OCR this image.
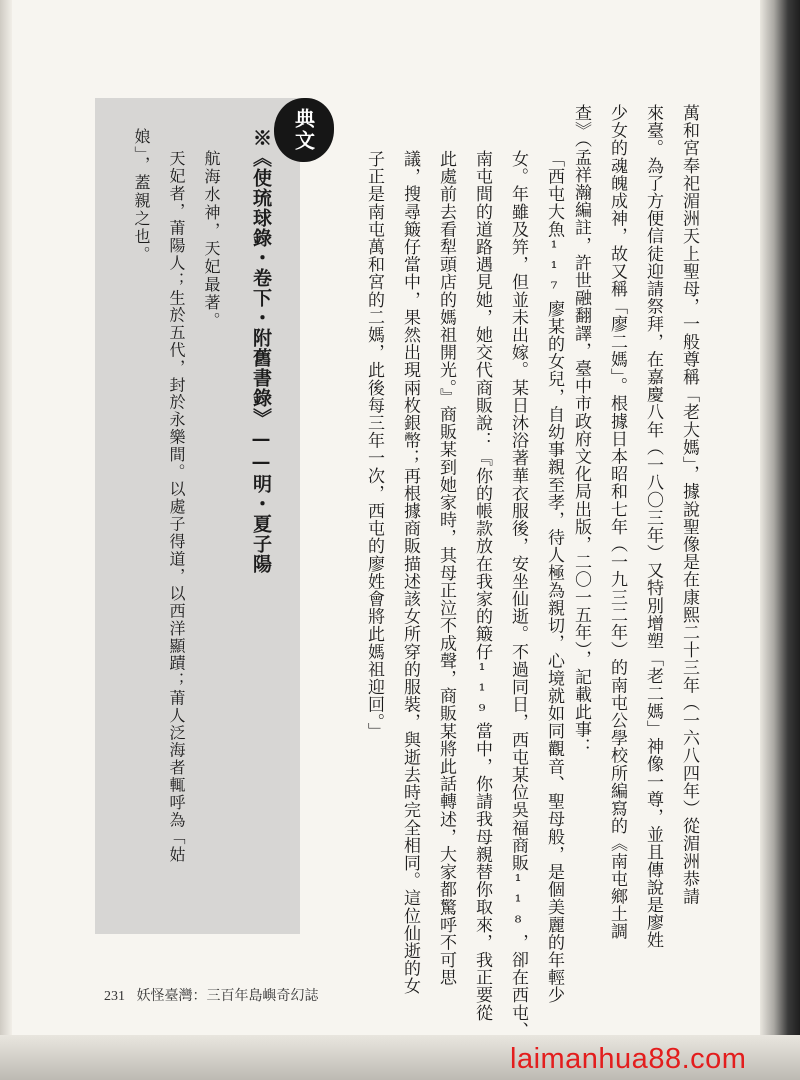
萬和宮奉祀湄洲天上聖母，一般尊稱「老大媽」，據說聖像是在康熙二十三年（一六八四年）從湄洲恭請
來臺。為了方便信徒迎請祭拜，在嘉慶八年（一八〇三年）又特別增塑「老二媽」神像一尊，並且傳說是廖姓
少女的魂魄成神，故又稱「廖二媽」。根據日本昭和七年（一九三二年）的南屯公學校所編寫的《南屯鄉土調
查》（孟祥瀚編註，許世融翻譯，臺中市政府文化局出版，二〇一五年），記載此事：
「西屯大魚¹¹⁷廖某的女兒，自幼事親至孝，待人極為親切，心境就如同觀音、聖母般，是個美麗的年輕少
女。年雖及笄，但並未出嫁。某日沐浴著華衣服後，安坐仙逝。不過同日，西屯某位吳福商販¹¹⁸，卻在西屯、
南屯間的道路遇見她，她交代商販說：『你的帳款放在我家的簸仔¹¹⁹當中，你請我母親替你取來，我正要從
此處前去看犁頭店的媽祖開光。』商販某到她家時，其母正泣不成聲，商販某將此話轉述，大家都驚呼不可思
議，搜尋簸仔當中，果然出現兩枚銀幣；再根據商販描述該女所穿的服裝，與逝去時完全相同。這位仙逝的女
子正是南屯萬和宮的二媽，此後每三年一次，西屯的廖姓會將此媽祖迎回。」
典文
※《使琉球錄・卷下・附舊書錄》——明・夏子陽
航海水神，天妃最著。
天妃者，莆陽人；生於五代，封於永樂間。以處子得道，以西洋顯蹟；莆人泛海者輒呼為「姑
娘」，蓋親之也。
231 妖怪臺灣：三百年島嶼奇幻誌
laimanhua88.com
